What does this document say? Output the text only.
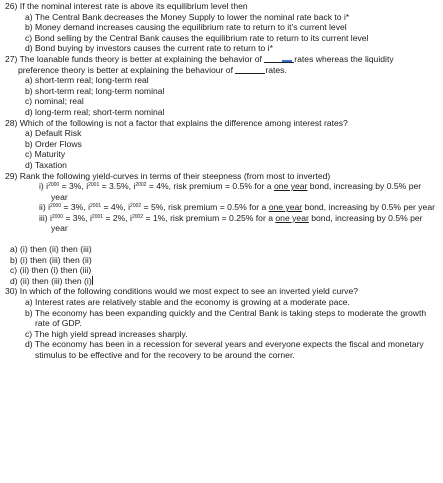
26) If the nominal interest rate is above its equilibrium level then
a) The Central Bank decreases the Money Supply to lower the nominal rate back to i*
b) Money demand increases causing the equilibrium rate to return to it's current level
c) Bond selling by the Central Bank causes the equilibrium rate to return to its current level
d) Bond buying by investors causes the current rate to return to i*
27) The loanable funds theory is better at explaining the behavior of	rates whereas the liquidity
preference theory is better at explaining the behaviour of	rates.
a) short-term real; long-term real
b) short-term real; long-term nominal
c) nominal; real
d) long-term real; short-term nominal
28) Which of the following is not a factor that explains the difference among interest rates?
a) Default Risk
b) Order Flows
c) Maturity
d) Taxation
29) Rank the following yield-curves in terms of their steepness (from most to inverted)
i) $i^{2000} = 3\%$, $i^{2001} = 3.5\%$, $i^{2002} = 4\%$, risk premium = 0.5% for a one year bond, increasing by 0.5% per year
ii) $i^{2000} = 3\%$, $i^{2001} = 4\%$, $i^{2002} = 5\%$, risk premium = 0.5% for a one year bond, increasing by 0.5% per year
iii) $i^{2000} = 3\%$, $i^{2001} = 2\%$, $i^{2002} = 1\%$, risk premium = 0.25% for a one year bond, increasing by 0.5% per year
a) (i) then (ii) then (iii)
b) (i) then (iii) then (ii)
c) (ii) then (i) then (iii)
d) (ii) then (iii) then (i)
30) In which of the following conditions would we most expect to see an inverted yield curve?
a) Interest rates are relatively stable and the economy is growing at a moderate pace.
b) The economy has been expanding quickly and the Central Bank is taking steps to moderate the growth rate of GDP.
c) The high yield spread increases sharply.
d) The economy has been in a recession for several years and everyone expects the fiscal and monetary stimulus to be effective and for the recovery to be around the corner.
